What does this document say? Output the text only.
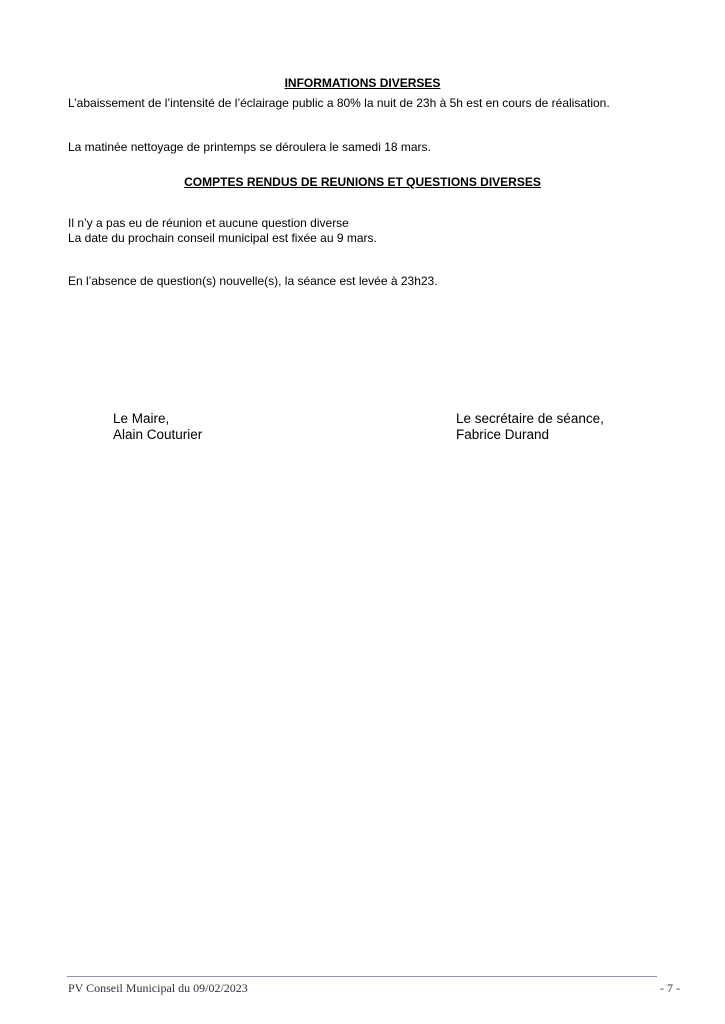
INFORMATIONS DIVERSES
L’abaissement de l’intensité de l’éclairage public a 80% la nuit de 23h à 5h est en cours de réalisation.
La matinée nettoyage de printemps se déroulera le samedi 18 mars.
COMPTES RENDUS DE REUNIONS ET QUESTIONS DIVERSES
Il n’y a pas eu de réunion et aucune question diverse
La date du prochain conseil municipal est fixée au 9 mars.
En l’absence de question(s) nouvelle(s), la séance est levée à 23h23.
Le Maire,
Alain Couturier
Le secrétaire de séance,
Fabrice Durand
PV Conseil Municipal du 09/02/2023	- 7 -
